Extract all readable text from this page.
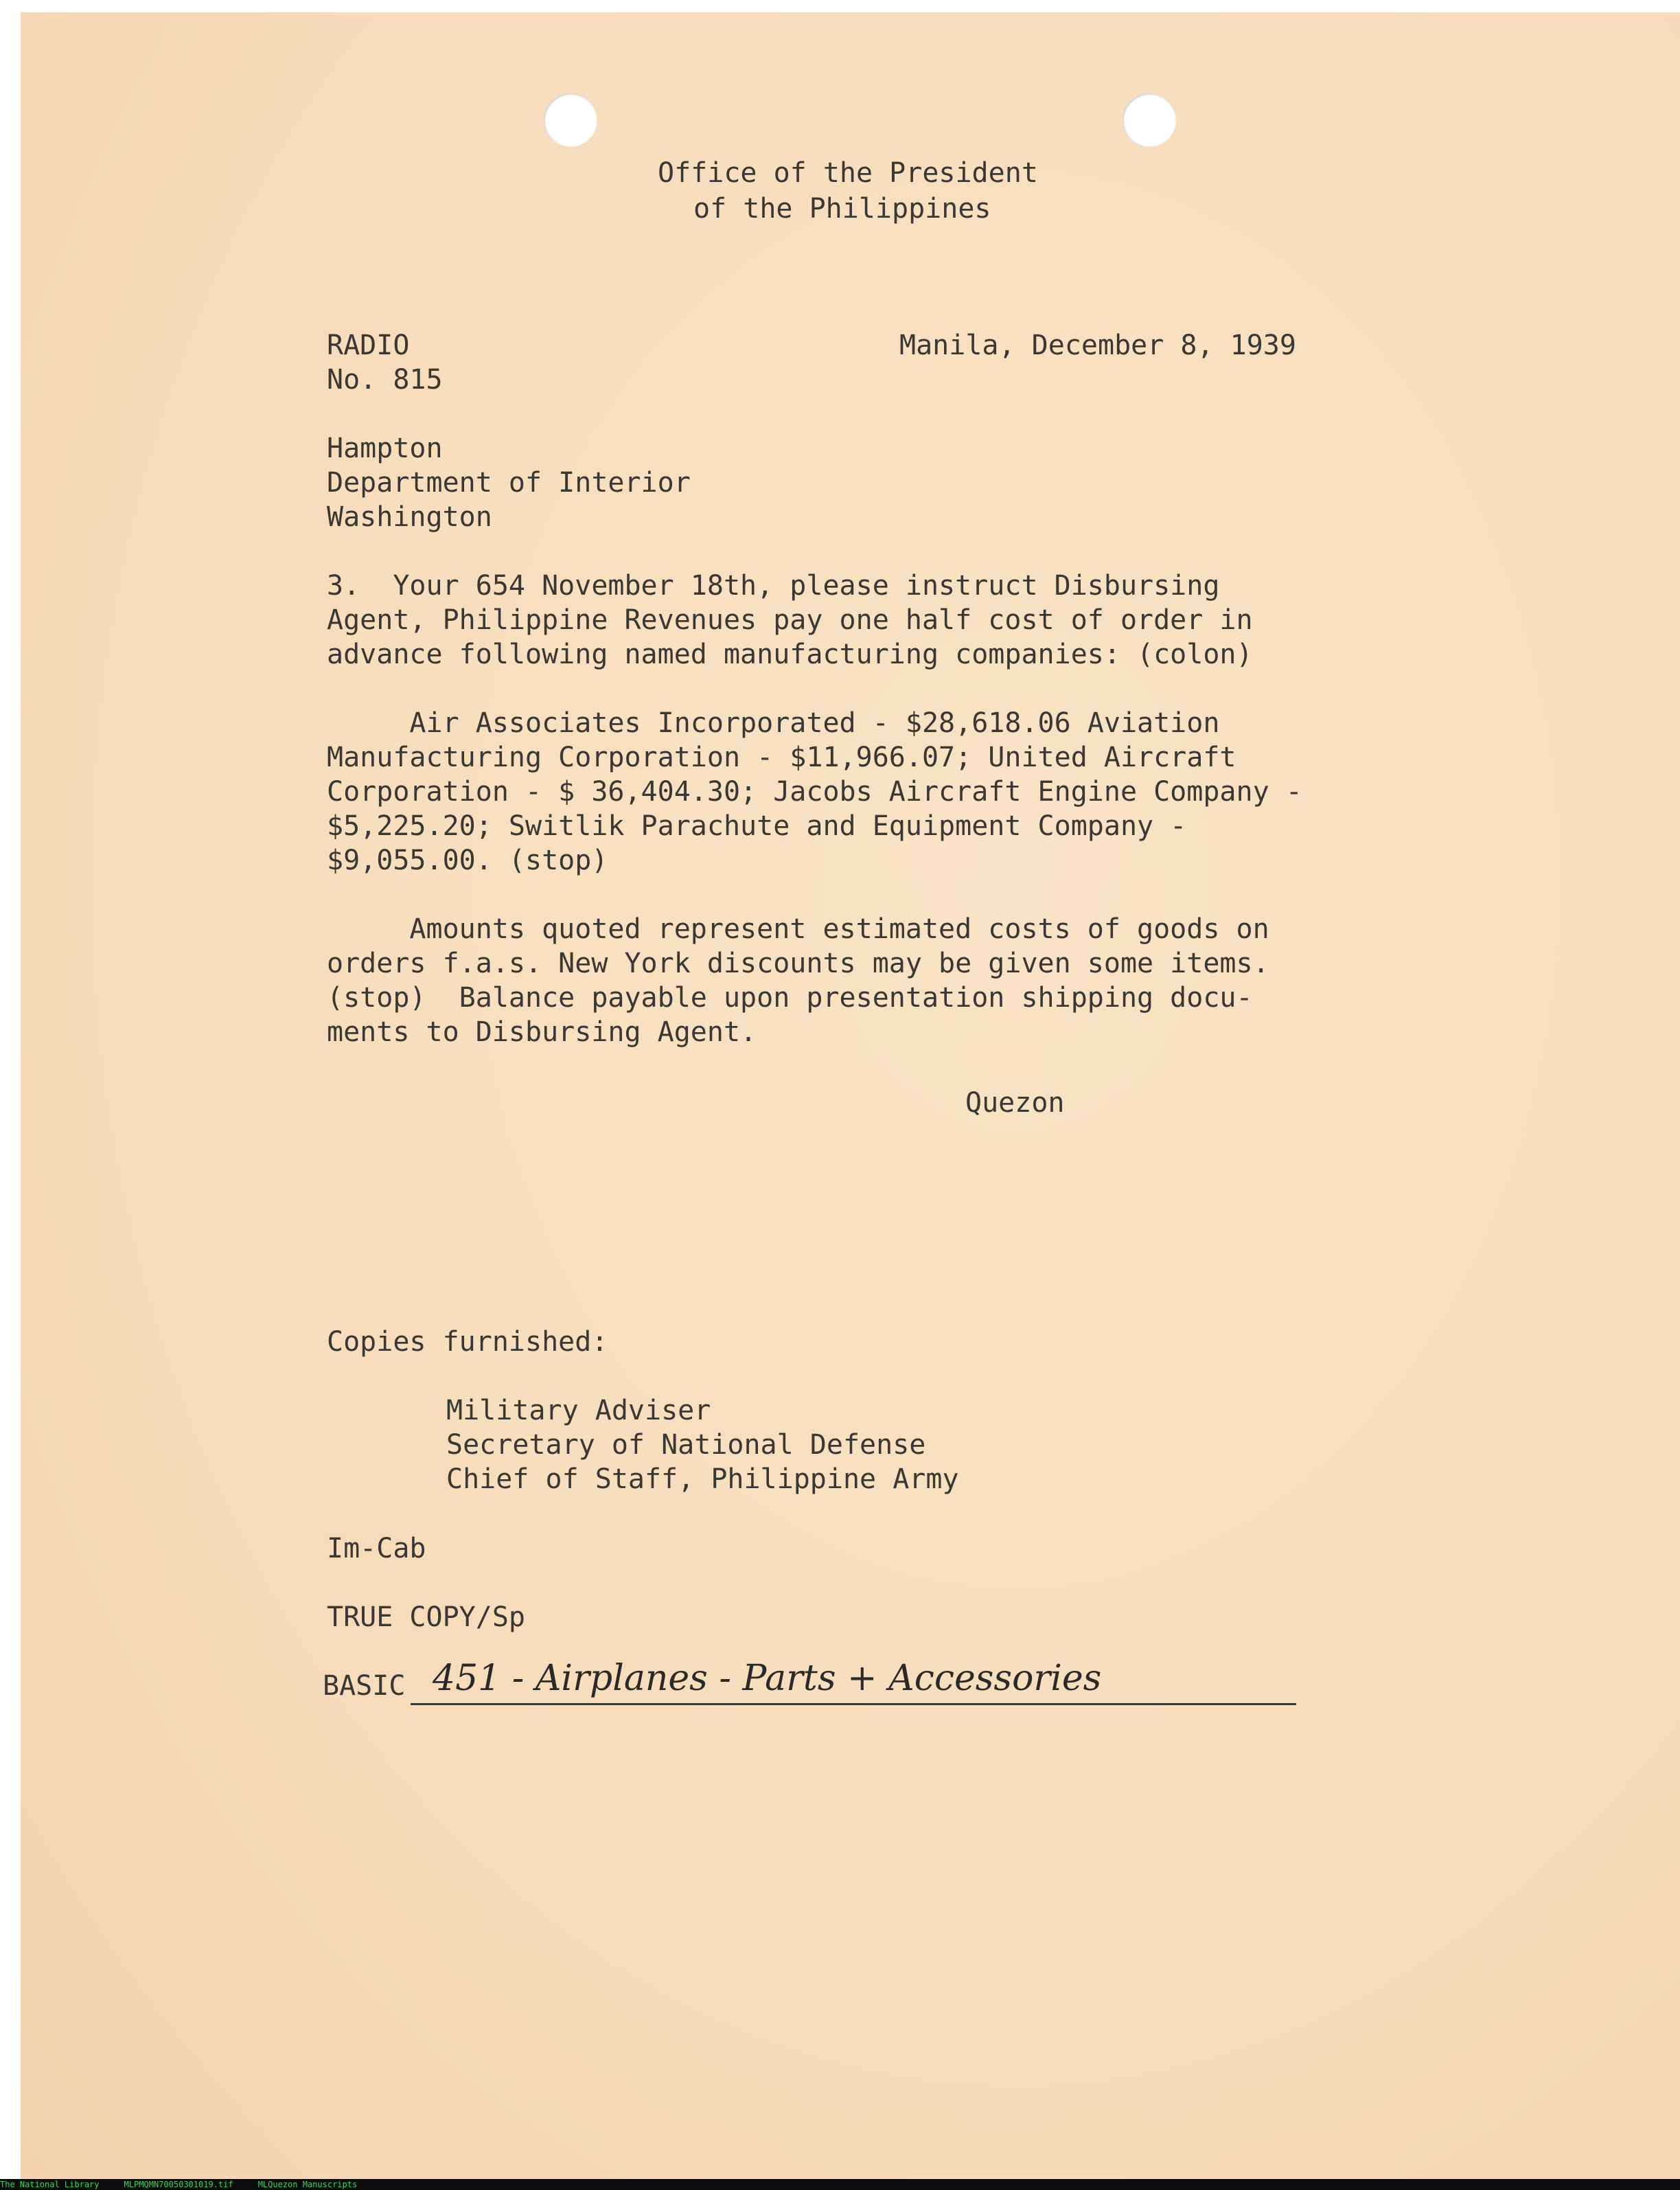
Office of the President
of the Philippines
RADIO
No. 815
Manila, December 8, 1939
Hampton
Department of Interior
Washington
3.  Your 654 November 18th, please instruct Disbursing
Agent, Philippine Revenues pay one half cost of order in
advance following named manufacturing companies: (colon)
Air Associates Incorporated - $28,618.06 Aviation
Manufacturing Corporation - $11,966.07; United Aircraft
Corporation - $ 36,404.30; Jacobs Aircraft Engine Company -
$5,225.20; Switlik Parachute and Equipment Company -
$9,055.00. (stop)
Amounts quoted represent estimated costs of goods on
orders f.a.s. New York discounts may be given some items.
(stop)  Balance payable upon presentation shipping docu-
ments to Disbursing Agent.
Quezon
Copies furnished:
Military Adviser
Secretary of National Defense
Chief of Staff, Philippine Army
Im-Cab
TRUE COPY/Sp
BASIC 451 - Airplanes - Parts + Accessories
The National Library	MLPMQMN70050301019.tif	MLQuezon Manuscripts
